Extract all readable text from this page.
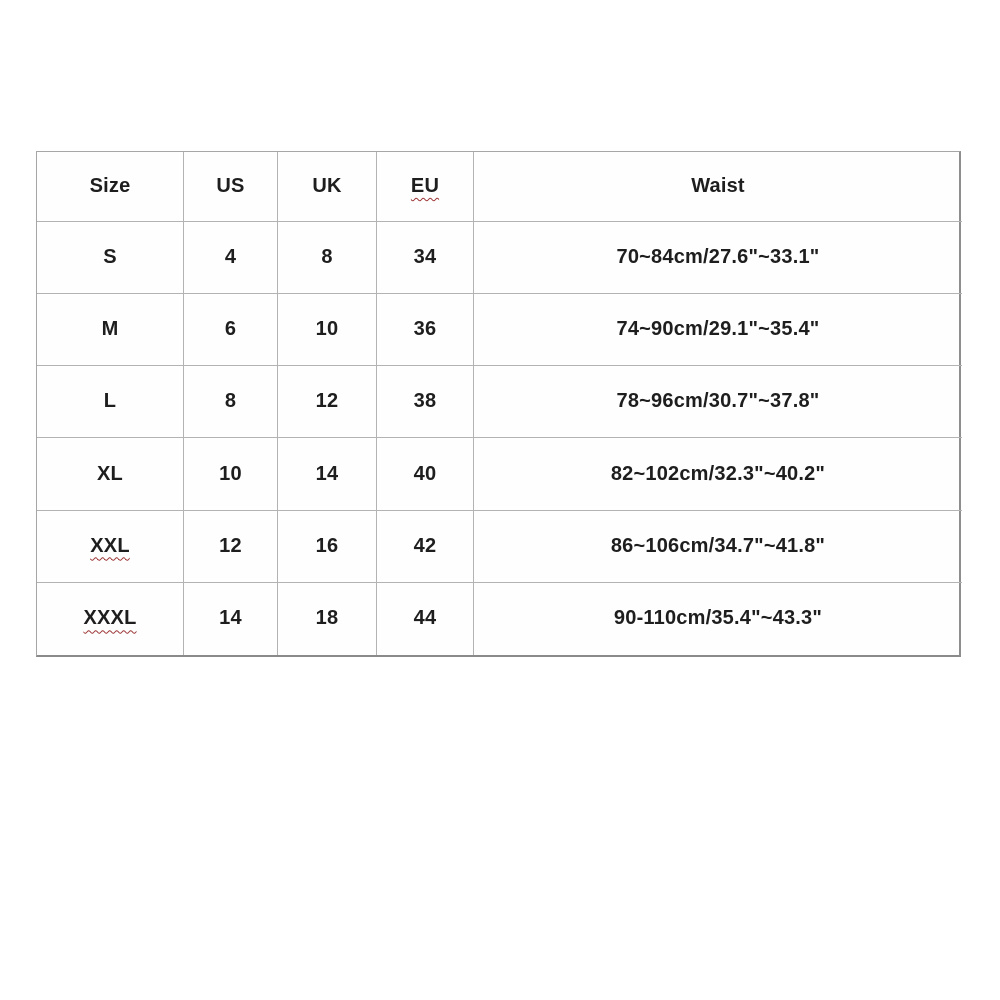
Size	US	UK	EU	Waist
S	4	8	34	70~84cm/27.6"~33.1"
M	6	10	36	74~90cm/29.1"~35.4"
L	8	12	38	78~96cm/30.7"~37.8"
XL	10	14	40	82~102cm/32.3"~40.2"
XXL	12	16	42	86~106cm/34.7"~41.8"
XXXL	14	18	44	90-110cm/35.4"~43.3"
